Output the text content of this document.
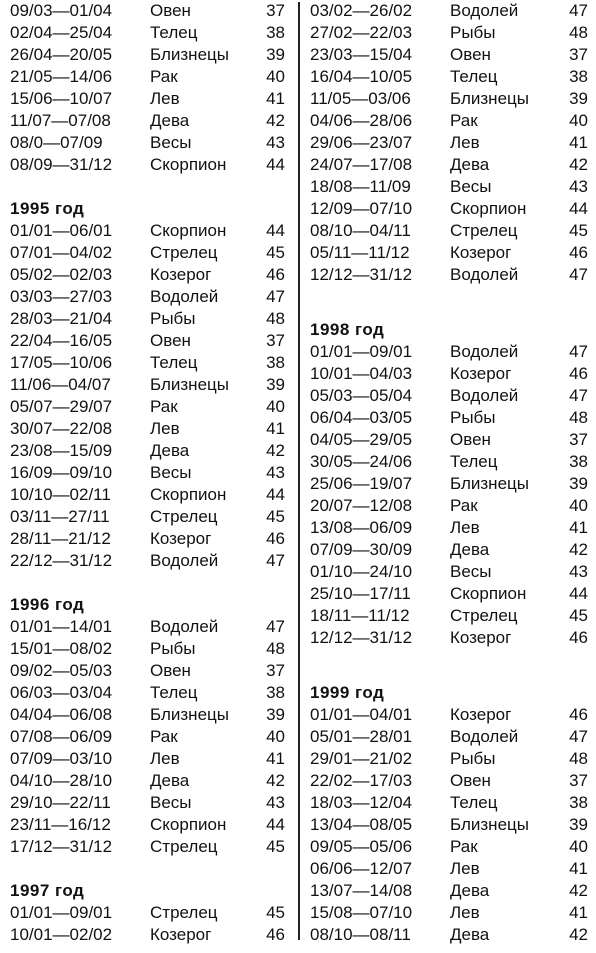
09/03—01/04 Овен	37
02/04—25/04 Телец	38
26/04—20/05 Близнецы 39
21/05—14/06 Рак	40
15/06—10/07 Лев	41
11/07—07/08 Дева	42
08/0—07/09	Весы	43
08/09—31/12 Скорпион 44
1995 год
01/01—06/01 Скорпион 44
07/01—04/02 Стрелец	45
05/02—02/03 Козерог	46
03/03—27/03 Водолей	47
28/03—21/04 Рыбы	48
22/04—16/05 Овен	37
17/05—10/06 Телец	38
11/06—04/07 Близнецы 39
05/07—29/07 Рак	40
30/07—22/08 Лев	41
23/08—15/09 Дева	42
16/09—09/10 Весы	43
10/10—02/11 Скорпион 44
03/11—27/11 Стрелец	45
28/11—21/12 Козерог	46
22/12—31/12 Водолей	47
1996 год
01/01—14/01 Водолей	47
15/01—08/02 Рыбы	48
09/02—05/03 Овен	37
06/03—03/04 Телец	38
04/04—06/08 Близнецы 39
07/08—06/09 Рак	40
07/09—03/10 Лев	41
04/10—28/10 Дева	42
29/10—22/11 Весы	43
23/11—16/12 Скорпион 44
17/12—31/12 Стрелец	45
1997 год
01/01—09/01 Стрелец	45
10/01—02/02 Козерог	46
03/02—26/02 Водолей	47
27/02—22/03 Рыбы	48
23/03—15/04 Овен	37
16/04—10/05 Телец	38
11/05—03/06 Близнецы 39
04/06—28/06 Рак	40
29/06—23/07 Лев	41
24/07—17/08 Дева	42
18/08—11/09 Весы	43
12/09—07/10 Скорпион	44
08/10—04/11 Стрелец	45
05/11—11/12 Козерог	46
12/12—31/12 Водолей	47
1998 год
01/01—09/01 Водолей	47
10/01—04/03 Козерог	46
05/03—05/04 Водолей	47
06/04—03/05 Рыбы	48
04/05—29/05 Овен	37
30/05—24/06 Телец	38
25/06—19/07 Близнецы 39
20/07—12/08 Рак	40
13/08—06/09 Лев	41
07/09—30/09 Дева	42
01/10—24/10 Весы	43
25/10—17/11 Скорпион	44
18/11—11/12 Стрелец	45
12/12—31/12 Козерог	46
1999 год
01/01—04/01 Козерог	46
05/01—28/01 Водолей	47
29/01—21/02 Рыбы	48
22/02—17/03 Овен	37
18/03—12/04 Телец	38
13/04—08/05 Близнецы 39
09/05—05/06 Рак	40
06/06—12/07 Лев	41
13/07—14/08 Дева	42
15/08—07/10 Лев	41
08/10—08/11 Дева	42
